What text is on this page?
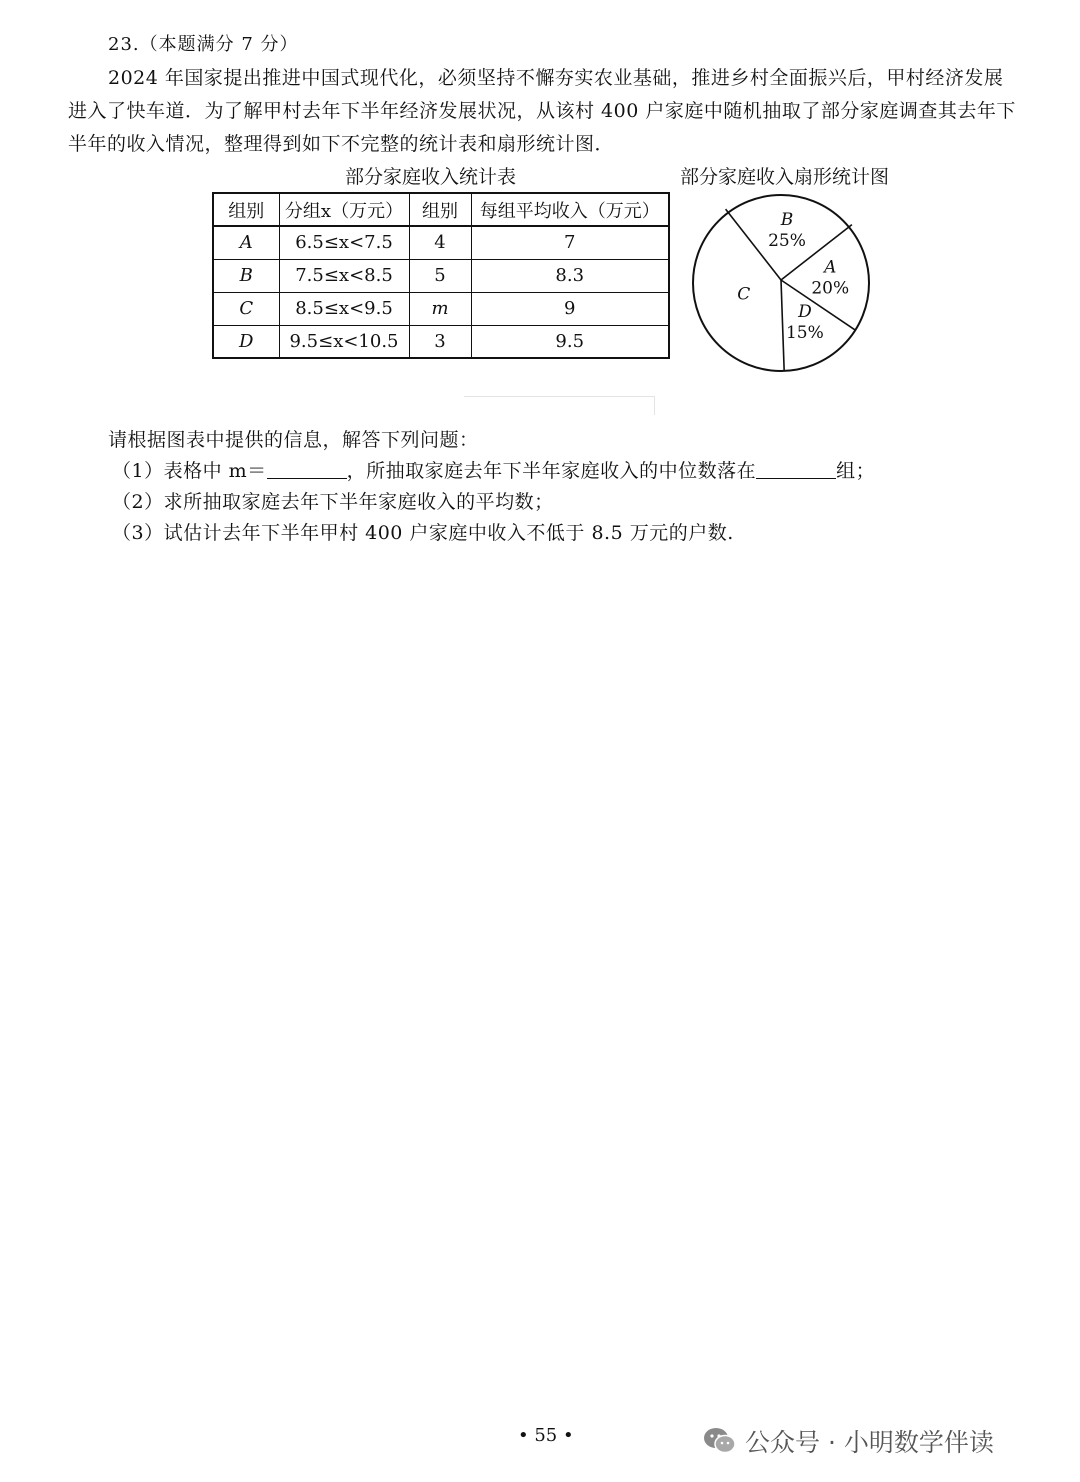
23.（本题满分 7 分）
2024 年国家提出推进中国式现代化，必须坚持不懈夯实农业基础，推进乡村全面振兴后，甲村经济发展进入了快车道．为了解甲村去年下半年经济发展状况，从该村 400 户家庭中随机抽取了部分家庭调查其去年下半年的收入情况，整理得到如下不完整的统计表和扇形统计图．
部分家庭收入统计表	部分家庭收入扇形统计图
组别	分组x（万元）	组别	每组平均收入（万元）
A	6.5≤x<7.5	4	7
B	7.5≤x<8.5	5	8.3
C	8.5≤x<9.5	m	9
D	9.5≤x<10.5	3	9.5
B
25%
A
20%
D
15%
C
请根据图表中提供的信息，解答下列问题：
（1）表格中 m＝	，所抽取家庭去年下半年家庭收入的中位数落在	组；
（2）求所抽取家庭去年下半年家庭收入的平均数；
（3）试估计去年下半年甲村 400 户家庭中收入不低于 8.5 万元的户数.
• 55 •	公众号 · 小明数学伴读
